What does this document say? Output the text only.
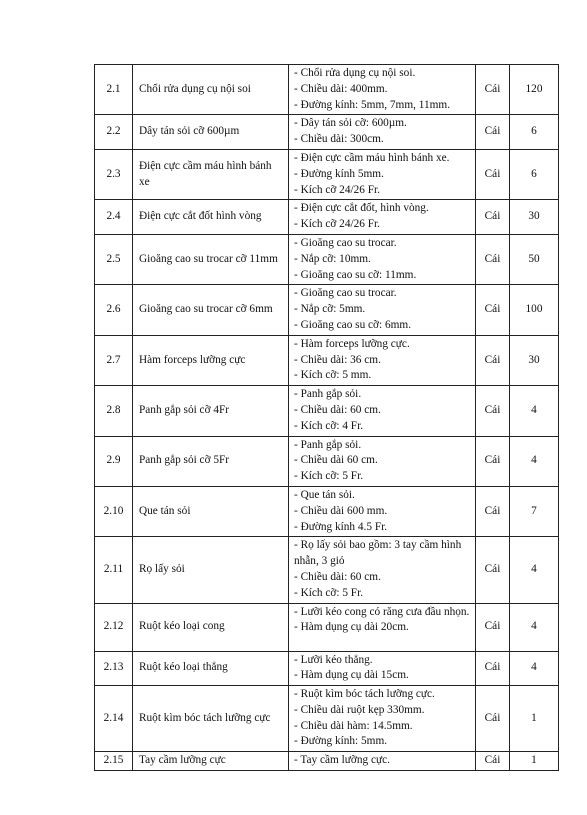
2.1	Chổi rửa dụng cụ nội soi	- Chổi rửa dụng cụ nội soi.
- Chiều dài: 400mm.
- Đường kính: 5mm, 7mm, 11mm.	Cái	120
2.2	Dây tán sỏi cỡ 600µm	- Dây tán sỏi cỡ: 600µm.
- Chiều dài: 300cm.	Cái	6
2.3	Điện cực cầm máu hình bánh xe	- Điện cực cầm máu hình bánh xe.
- Đường kính 5mm.
- Kích cỡ 24/26 Fr.	Cái	6
2.4	Điện cực cắt đốt hình vòng	- Điện cực cắt đốt, hình vòng.
- Kích cỡ 24/26 Fr.	Cái	30
2.5	Gioăng cao su trocar cỡ 11mm	- Gioăng cao su trocar.
- Nắp cỡ: 10mm.
- Gioăng cao su cỡ: 11mm.	Cái	50
2.6	Gioăng cao su trocar cỡ 6mm	- Gioăng cao su trocar.
- Nắp cỡ: 5mm.
- Gioăng cao su cỡ: 6mm.	Cái	100
2.7	Hàm forceps lưỡng cực	- Hàm forceps lưỡng cực.
- Chiều dài: 36 cm.
- Kích cỡ: 5 mm.	Cái	30
2.8	Panh gắp sỏi cỡ 4Fr	- Panh gắp sỏi.
- Chiều dài: 60 cm.
- Kích cỡ: 4 Fr.	Cái	4
2.9	Panh gắp sỏi cỡ 5Fr	- Panh gắp sỏi.
- Chiều dài 60 cm.
- Kích cỡ: 5 Fr.	Cái	4
2.10	Que tán sỏi	- Que tán sỏi.
- Chiều dài 600 mm.
- Đường kính 4.5 Fr.	Cái	7
2.11	Rọ lấy sỏi	- Rọ lấy sỏi bao gồm: 3 tay cầm hình nhẫn, 3 giỏ
- Chiều dài: 60 cm.
- Kích cỡ: 5 Fr.	Cái	4
2.12	Ruột kéo loại cong	- Lưỡi kéo cong có răng cưa đầu nhọn.
- Hàm dụng cụ dài 20cm.	Cái	4
2.13	Ruột kéo loại thẳng	- Lưỡi kéo thẳng.
- Hàm dụng cụ dài 15cm.	Cái	4
2.14	Ruột kìm bóc tách lưỡng cực	- Ruột kìm bóc tách lưỡng cực.
- Chiều dài ruột kẹp 330mm.
- Chiều dài hàm: 14.5mm.
- Đường kính: 5mm.	Cái	1
2.15	Tay cầm lưỡng cực	- Tay cầm lưỡng cực.	Cái	1
